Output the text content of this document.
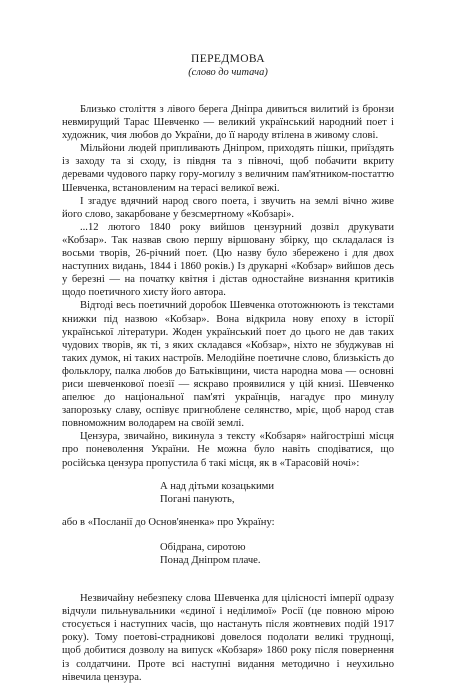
ПЕРЕДМОВА
(слово до читача)

Близько століття з лівого берега Дніпра дивиться вилитий із бронзи невмирущий Тарас Шевченко — великий український народний поет і художник, чия любов до України, до її народу втілена в живому слові.

Мільйони людей припливають Дніпром, приходять пішки, приїздять із заходу та зі сходу, із півдня та з півночі, щоб побачити вкриту деревами чудового парку гору-могилу з величним пам'ятником-постаттю Шевченка, встановленим на терасі великої вежі.

І згадує вдячний народ свого поета, і звучить на землі вічно живе його слово, закарбоване у безсмертному «Кобзарі».

...12 лютого 1840 року вийшов цензурний дозвіл друкувати «Кобзар». Так назвав свою першу віршовану збірку, що складалася із восьми творів, 26-річний поет. (Цю назву було збережено і для двох наступних видань, 1844 і 1860 років.) Із друкарні «Кобзар» вийшов десь у березні — на початку квітня і дістав одностайне визнання критиків щодо поетичного хисту його автора.

Відтоді весь поетичний доробок Шевченка ототожнюють із текстами книжки під назвою «Кобзар». Вона відкрила нову епоху в історії української літератури. Жоден український поет до цього не дав таких чудових творів, як ті, з яких складався «Кобзар», ніхто не збуджував ні таких думок, ні таких настроїв. Мелодійне поетичне слово, близькість до фольклору, палка любов до Батьківщини, чиста народна мова — основні риси шевченкової поезії — яскраво проявилися у цій книзі. Шевченко апелює до національної пам'яті українців, нагадує про минулу запорозьку славу, оспівує пригноблене селянство, мріє, щоб народ став повноможним володарем на своїй землі.

Цензура, звичайно, викинула з тексту «Кобзаря» найгостріші місця про поневолення України. Не можна було навіть сподіватися, що російська цензура пропустила б такі місця, як в «Тарасовій ночі»:

А над дітьми козацькими
Погані панують,

або в «Посланії до Основ'яненка» про Україну:

Обідрана, сиротою
Понад Дніпром плаче.

Незвичайну небезпеку слова Шевченка для цілісності імперії одразу відчули пильнувальники «єдиної і неділимої» Росії (це повною мірою стосується і наступних часів, що настануть після жовтневих подій 1917 року). Тому поетові-страдникові довелося подолати великі труднощі, щоб добитися дозволу на випуск «Кобзаря» 1860 року після повернення із солдатчини. Проте всі наступні видання методично і неухильно нівечила цензура.
